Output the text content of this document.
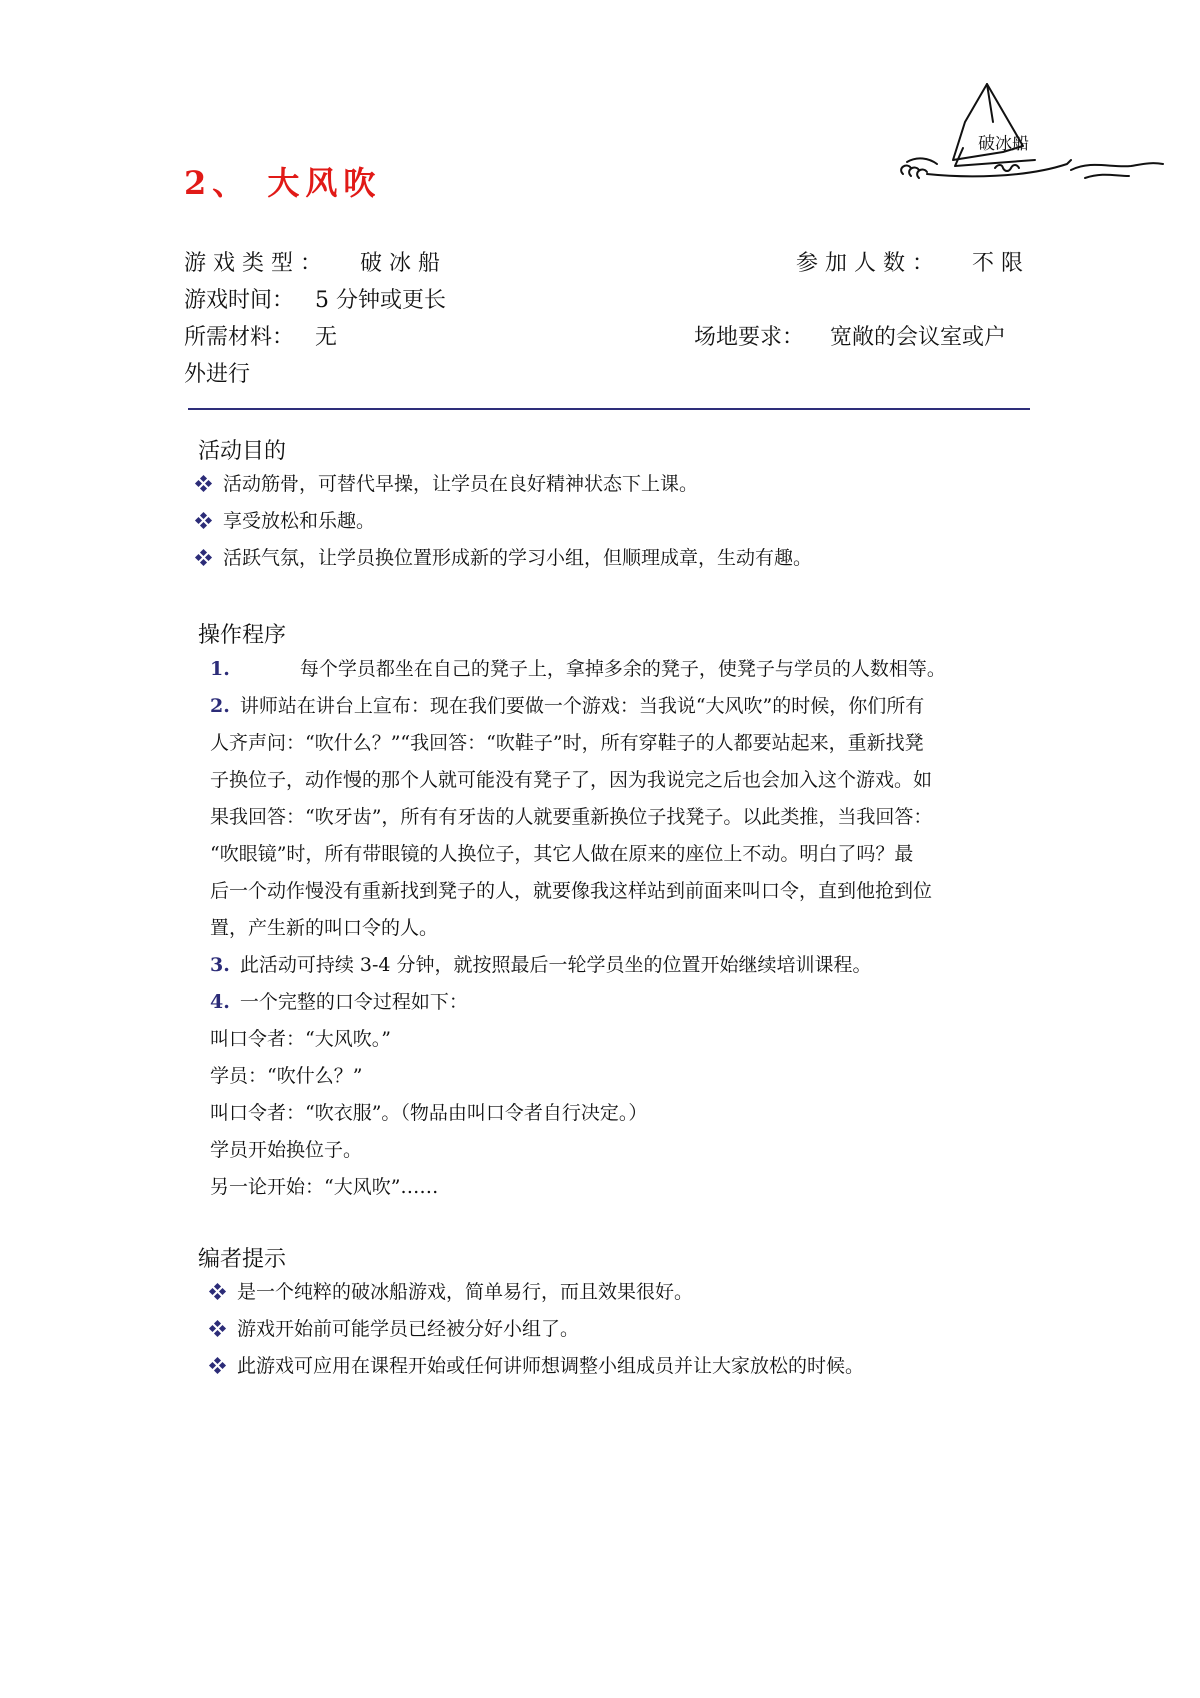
破冰船
2、 大风吹
游戏类型： 破冰船	参加人数： 不限
游戏时间： 5 分钟或更长
所需材料： 无	场地要求： 宽敞的会议室或户
外进行
活动目的
活动筋骨，可替代早操，让学员在良好精神状态下上课。
享受放松和乐趣。
活跃气氛，让学员换位置形成新的学习小组，但顺理成章，生动有趣。
操作程序

1.	每个学员都坐在自己的凳子上，拿掉多余的凳子，使凳子与学员的人数相等。

2. 讲师站在讲台上宣布：现在我们要做一个游戏：当我说“大风吹”的时候，你们所有

人齐声问：“吹什么？”“我回答：“吹鞋子”时，所有穿鞋子的人都要站起来，重新找凳

子换位子，动作慢的那个人就可能没有凳子了，因为我说完之后也会加入这个游戏。如

果我回答：“吹牙齿”，所有有牙齿的人就要重新换位子找凳子。以此类推，当我回答：

“吹眼镜”时，所有带眼镜的人换位子，其它人做在原来的座位上不动。明白了吗？最

后一个动作慢没有重新找到凳子的人，就要像我这样站到前面来叫口令，直到他抢到位

置，产生新的叫口令的人。

3. 此活动可持续 3-4 分钟，就按照最后一轮学员坐的位置开始继续培训课程。

4. 一个完整的口令过程如下：

叫口令者：“大风吹。”

学员：“吹什么？”

叫口令者：“吹衣服”。（物品由叫口令者自行决定。）

学员开始换位子。

另一论开始：“大风吹”……

编者提示
是一个纯粹的破冰船游戏，简单易行，而且效果很好。
游戏开始前可能学员已经被分好小组了。
此游戏可应用在课程开始或任何讲师想调整小组成员并让大家放松的时候。
